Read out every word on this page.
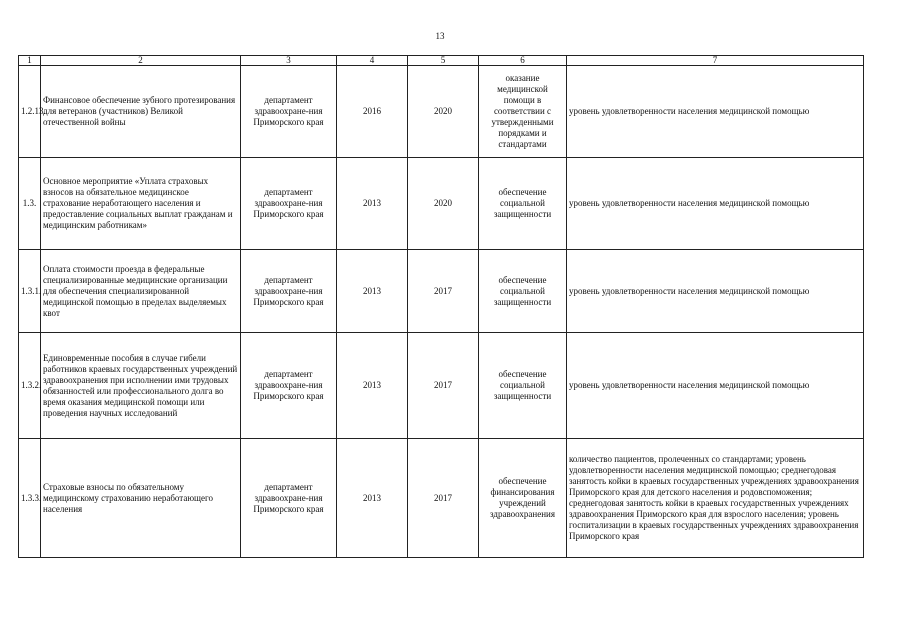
13
1	2	3	4	5	6	7
1.2.13.	Финансовое обеспечение зубного протезирования для ветеранов (участников) Великой отечественной войны	департамент здравоохране-ния Приморского края	2016	2020	оказание медицинской помощи в соответствии с утвержденными порядками и стандартами	уровень удовлетворенности населения медицинской помощью
1.3.	Основное мероприятие «Уплата страховых взносов на обязательное медицинское страхование неработающего населения и предоставление социальных выплат гражданам и медицинским работникам»	департамент здравоохране-ния Приморского края	2013	2020	обеспечение социальной защищенности	уровень удовлетворенности населения медицинской помощью
1.3.1.	Оплата стоимости проезда в федеральные специализированные медицинские организации для обеспечения специализированной медицинской помощью в пределах выделяемых квот	департамент здравоохране-ния Приморского края	2013	2017	обеспечение социальной защищенности	уровень удовлетворенности населения медицинской помощью
1.3.2.	Единовременные пособия в случае гибели работников краевых государственных учреждений здравоохранения при исполнении ими трудовых обязанностей или профессионального долга во время оказания медицинской помощи или проведения научных исследований	департамент здравоохране-ния Приморского края	2013	2017	обеспечение социальной защищенности	уровень удовлетворенности населения медицинской помощью
1.3.3.	Страховые взносы по обязательному медицинскому страхованию неработающего населения	департамент здравоохране-ния Приморского края	2013	2017	обеспечение финансирования учреждений здравоохранения	количество пациентов, пролеченных со стандартами; уровень удовлетворенности населения медицинской помощью; среднегодовая занятость койки в краевых государственных учреждениях здравоохранения Приморского края для детского населения и родовспоможения; среднегодовая занятость койки в краевых государственных учреждениях здравоохранения Приморского края для взрослого населения; уровень госпитализации в краевых государственных учреждениях здравоохранения Приморского края
